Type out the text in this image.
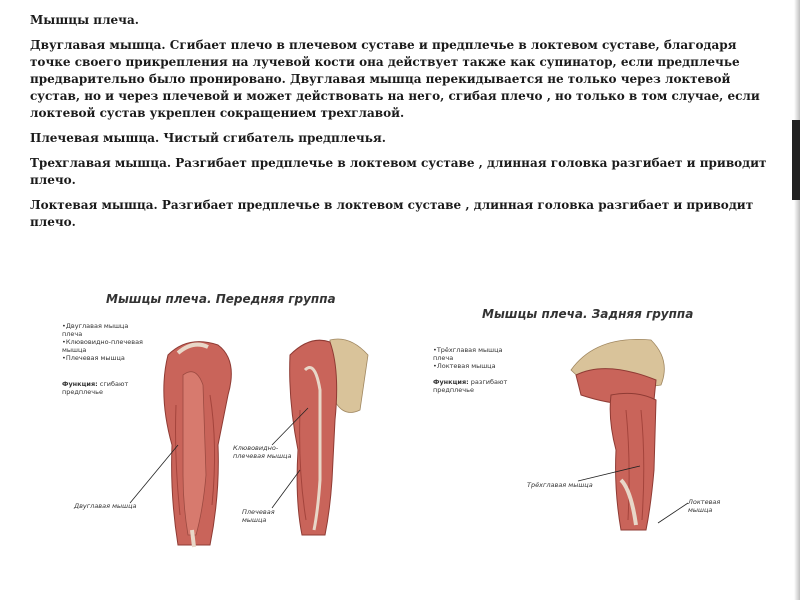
Мышцы плеча.

Двуглавая мышца. Сгибает плечо в плечевом суставе и предплечье в локтевом суставе, благодаря точке своего прикрепления на лучевой кости она действует также как супинатор, если предплечье предварительно было пронировано. Двуглавая мышца перекидывается не только через локтевой сустав, но и через плечевой и может действовать на него, сгибая плечо , но только в том случае, если локтевой сустав укреплен сокращением трехглавой.

Плечевая мышца. Чистый сгибатель предплечья.

Трехглавая мышца. Разгибает предплечье в локтевом суставе , длинная головка разгибает и приводит плечо.

Локтевая мышца. Разгибает предплечье в локтевом суставе , длинная головка разгибает и приводит плечо.

Мышцы плеча. Передняя группа
•Двуглавая мышца плеча
•Клювовидно-плечевая мышца
•Плечевая мышца
Функция: сгибают предплечье
Клювовидно-плечевая мышца
Двуглавая мышца
Плечевая мышца
Мышцы плеча. Задняя группа
•Трёхглавая мышца плеча
•Локтевая мышца
Функция: разгибают предплечье
Трёхглавая мышца
Локтевая мышца
